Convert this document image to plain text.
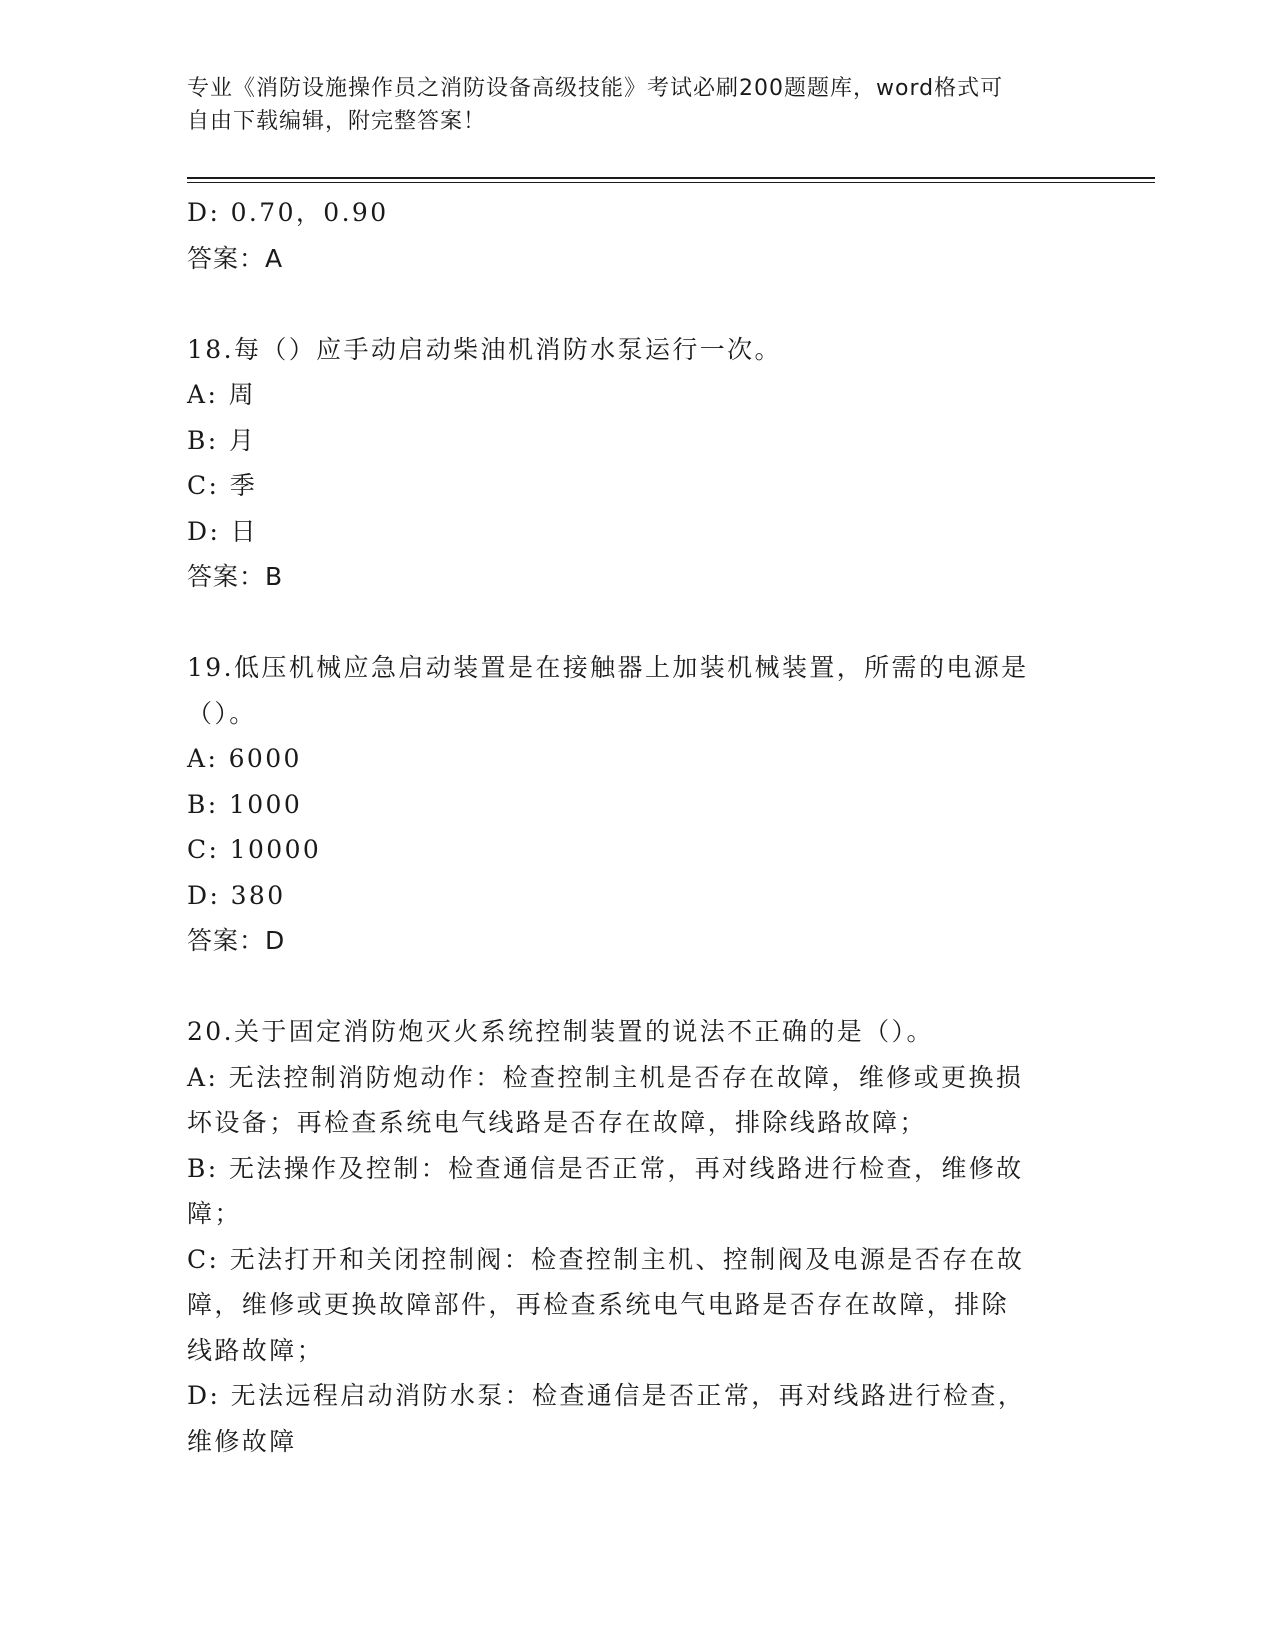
专业《消防设施操作员之消防设备高级技能》考试必刷200题题库，word格式可
自由下载编辑，附完整答案！
D: 0.70，0.90
答案：A
18.每（）应手动启动柴油机消防水泵运行一次。
A: 周
B: 月
C: 季
D: 日
答案：B
19.低压机械应急启动装置是在接触器上加装机械装置，所需的电源是
（）。
A: 6000
B: 1000
C: 10000
D: 380
答案：D
20.关于固定消防炮灭火系统控制装置的说法不正确的是（）。
A: 无法控制消防炮动作：检查控制主机是否存在故障，维修或更换损
坏设备；再检查系统电气线路是否存在故障，排除线路故障；
B: 无法操作及控制：检查通信是否正常，再对线路进行检查，维修故
障；
C: 无法打开和关闭控制阀：检查控制主机、控制阀及电源是否存在故
障，维修或更换故障部件，再检查系统电气电路是否存在故障，排除
线路故障；
D: 无法远程启动消防水泵：检查通信是否正常，再对线路进行检查，
维修故障
